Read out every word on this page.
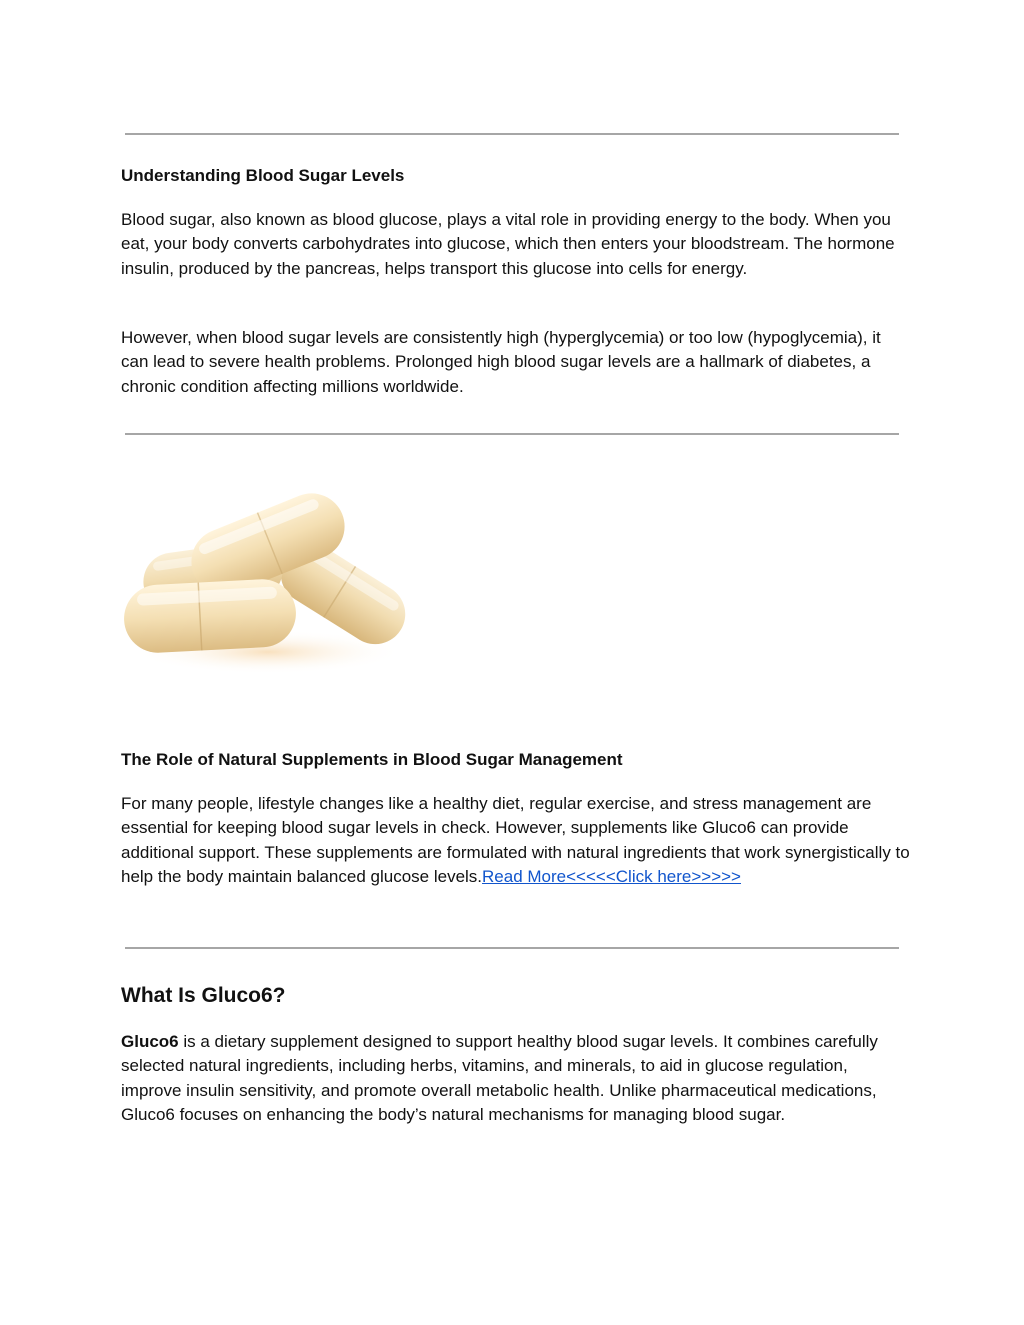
Understanding Blood Sugar Levels

Blood sugar, also known as blood glucose, plays a vital role in providing energy to the body. When you eat, your body converts carbohydrates into glucose, which then enters your bloodstream. The hormone insulin, produced by the pancreas, helps transport this glucose into cells for energy.

However, when blood sugar levels are consistently high (hyperglycemia) or too low (hypoglycemia), it can lead to severe health problems. Prolonged high blood sugar levels are a hallmark of diabetes, a chronic condition affecting millions worldwide.

The Role of Natural Supplements in Blood Sugar Management

For many people, lifestyle changes like a healthy diet, regular exercise, and stress management are essential for keeping blood sugar levels in check. However, supplements like Gluco6 can provide additional support. These supplements are formulated with natural ingredients that work synergistically to help the body maintain balanced glucose levels.Read More<<<<<Click here>>>>>

What Is Gluco6?

Gluco6 is a dietary supplement designed to support healthy blood sugar levels. It combines carefully selected natural ingredients, including herbs, vitamins, and minerals, to aid in glucose regulation, improve insulin sensitivity, and promote overall metabolic health. Unlike pharmaceutical medications, Gluco6 focuses on enhancing the body’s natural mechanisms for managing blood sugar.
